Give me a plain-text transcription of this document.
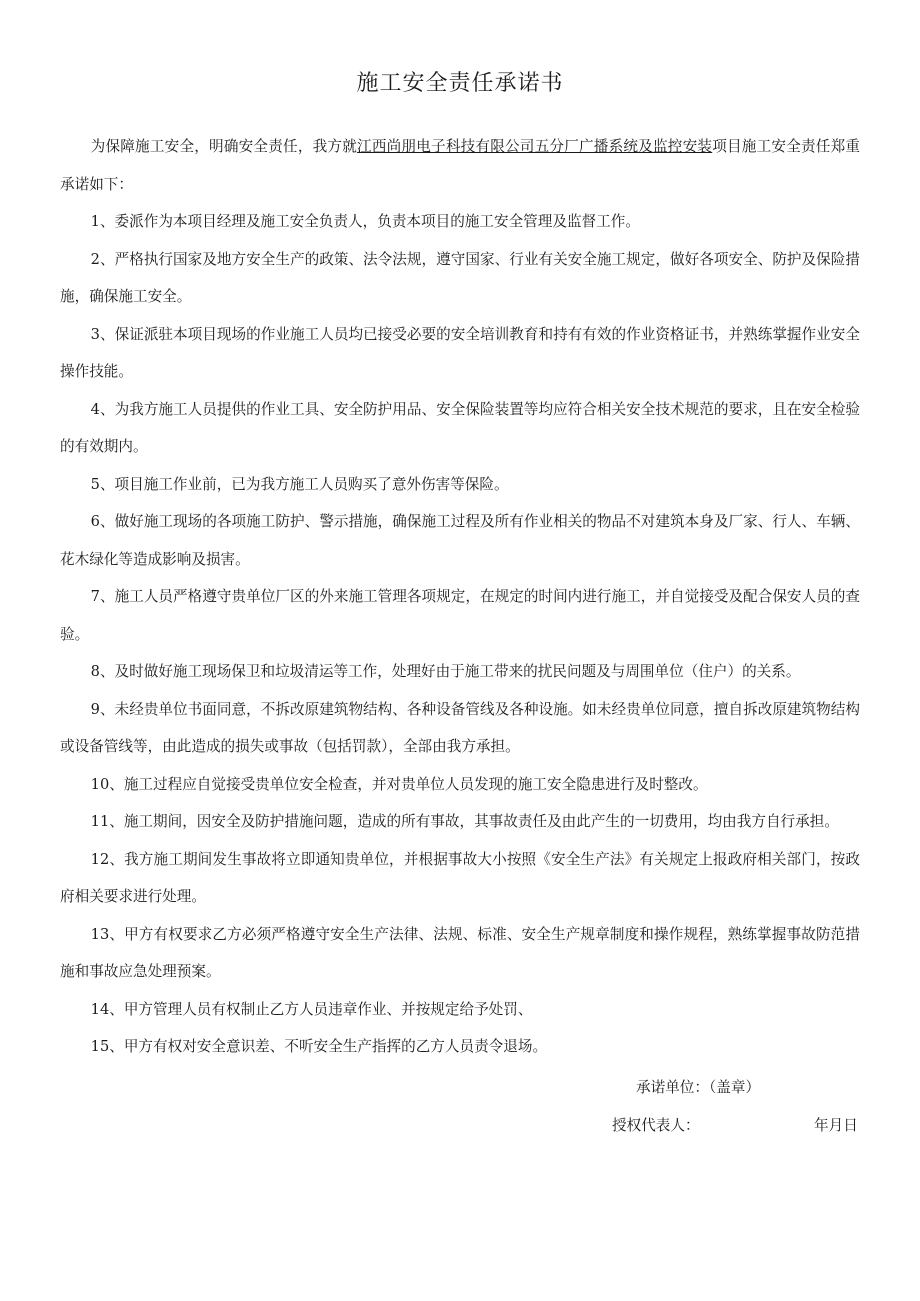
施工安全责任承诺书

为保障施工安全，明确安全责任，我方就江西尚朋电子科技有限公司五分厂广播系统及监控安装项目施工安全责任郑重承诺如下：

1、委派作为本项目经理及施工安全负责人，负责本项目的施工安全管理及监督工作。

2、严格执行国家及地方安全生产的政策、法令法规，遵守国家、行业有关安全施工规定，做好各项安全、防护及保险措施，确保施工安全。

3、保证派驻本项目现场的作业施工人员均已接受必要的安全培训教育和持有有效的作业资格证书，并熟练掌握作业安全操作技能。

4、为我方施工人员提供的作业工具、安全防护用品、安全保险装置等均应符合相关安全技术规范的要求，且在安全检验的有效期内。

5、项目施工作业前，已为我方施工人员购买了意外伤害等保险。

6、做好施工现场的各项施工防护、警示措施，确保施工过程及所有作业相关的物品不对建筑本身及厂家、行人、车辆、花木绿化等造成影响及损害。

7、施工人员严格遵守贵单位厂区的外来施工管理各项规定，在规定的时间内进行施工，并自觉接受及配合保安人员的查验。

8、及时做好施工现场保卫和垃圾清运等工作，处理好由于施工带来的扰民问题及与周围单位（住户）的关系。

9、未经贵单位书面同意，不拆改原建筑物结构、各种设备管线及各种设施。如未经贵单位同意，擅自拆改原建筑物结构或设备管线等，由此造成的损失或事故（包括罚款），全部由我方承担。

10、施工过程应自觉接受贵单位安全检查，并对贵单位人员发现的施工安全隐患进行及时整改。

11、施工期间，因安全及防护措施问题，造成的所有事故，其事故责任及由此产生的一切费用，均由我方自行承担。

12、我方施工期间发生事故将立即通知贵单位，并根据事故大小按照《安全生产法》有关规定上报政府相关部门，按政府相关要求进行处理。

13、甲方有权要求乙方必须严格遵守安全生产法律、法规、标准、安全生产规章制度和操作规程，熟练掌握事故防范措施和事故应急处理预案。

14、甲方管理人员有权制止乙方人员违章作业、并按规定给予处罚、

15、甲方有权对安全意识差、不听安全生产指挥的乙方人员责令退场。

承诺单位：（盖章）
授权代表人：	年月日
